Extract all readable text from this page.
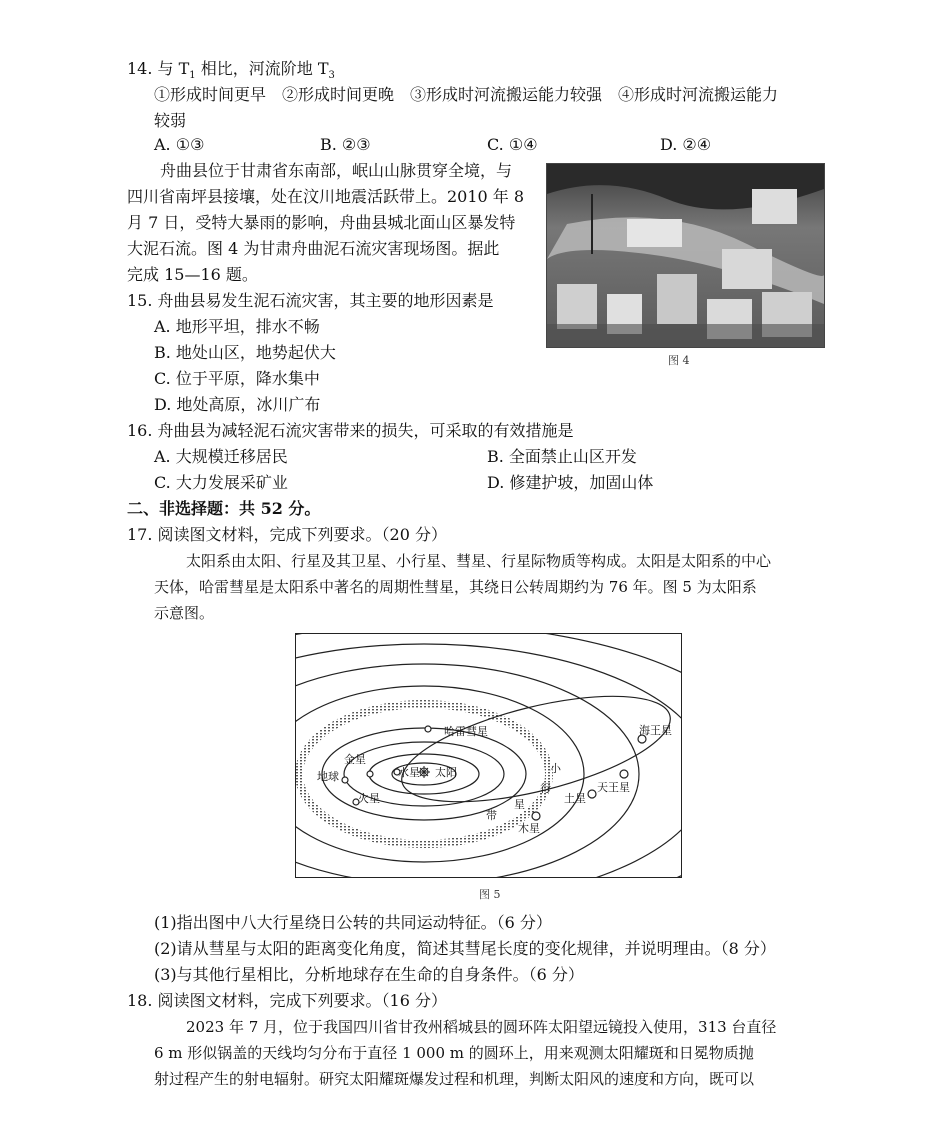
14. 与 $T_1$ 相比，河流阶地 $T_3$
①形成时间更早　②形成时间更晚　③形成时河流搬运能力较强　④形成时河流搬运能力
较弱
A. ①③	B. ②③	C. ①④	D. ②④
舟曲县位于甘肃省东南部，岷山山脉贯穿全境，与
四川省南坪县接壤，处在汶川地震活跃带上。2010 年 8
月 7 日，受特大暴雨的影响，舟曲县城北面山区暴发特
大泥石流。图 4 为甘肃舟曲泥石流灾害现场图。据此
完成 15—16 题。
图 4
15. 舟曲县易发生泥石流灾害，其主要的地形因素是
A. 地形平坦，排水不畅
B. 地处山区，地势起伏大
C. 位于平原，降水集中
D. 地处高原，冰川广布
16. 舟曲县为减轻泥石流灾害带来的损失，可采取的有效措施是
A. 大规模迁移居民	B. 全面禁止山区开发
C. 大力发展采矿业	D. 修建护坡，加固山体
二、非选择题：共 52 分。
17. 阅读图文材料，完成下列要求。（20 分）
太阳系由太阳、行星及其卫星、小行星、彗星、行星际物质等构成。太阳是太阳系的中心
天体，哈雷彗星是太阳系中著名的周期性彗星，其绕日公转周期约为 76 年。图 5 为太阳系
示意图。
哈雷彗星
金星
水星 太阳
地球
火星
海王星
天王星
土星
木星
小
行
星
带
图 5
(1)指出图中八大行星绕日公转的共同运动特征。（6 分）
(2)请从彗星与太阳的距离变化角度，简述其彗尾长度的变化规律，并说明理由。（8 分）
(3)与其他行星相比，分析地球存在生命的自身条件。（6 分）
18. 阅读图文材料，完成下列要求。（16 分）
2023 年 7 月，位于我国四川省甘孜州稻城县的圆环阵太阳望远镜投入使用，313 台直径
6 m 形似锅盖的天线均匀分布于直径 1 000 m 的圆环上，用来观测太阳耀斑和日冕物质抛
射过程产生的射电辐射。研究太阳耀斑爆发过程和机理，判断太阳风的速度和方向，既可以
